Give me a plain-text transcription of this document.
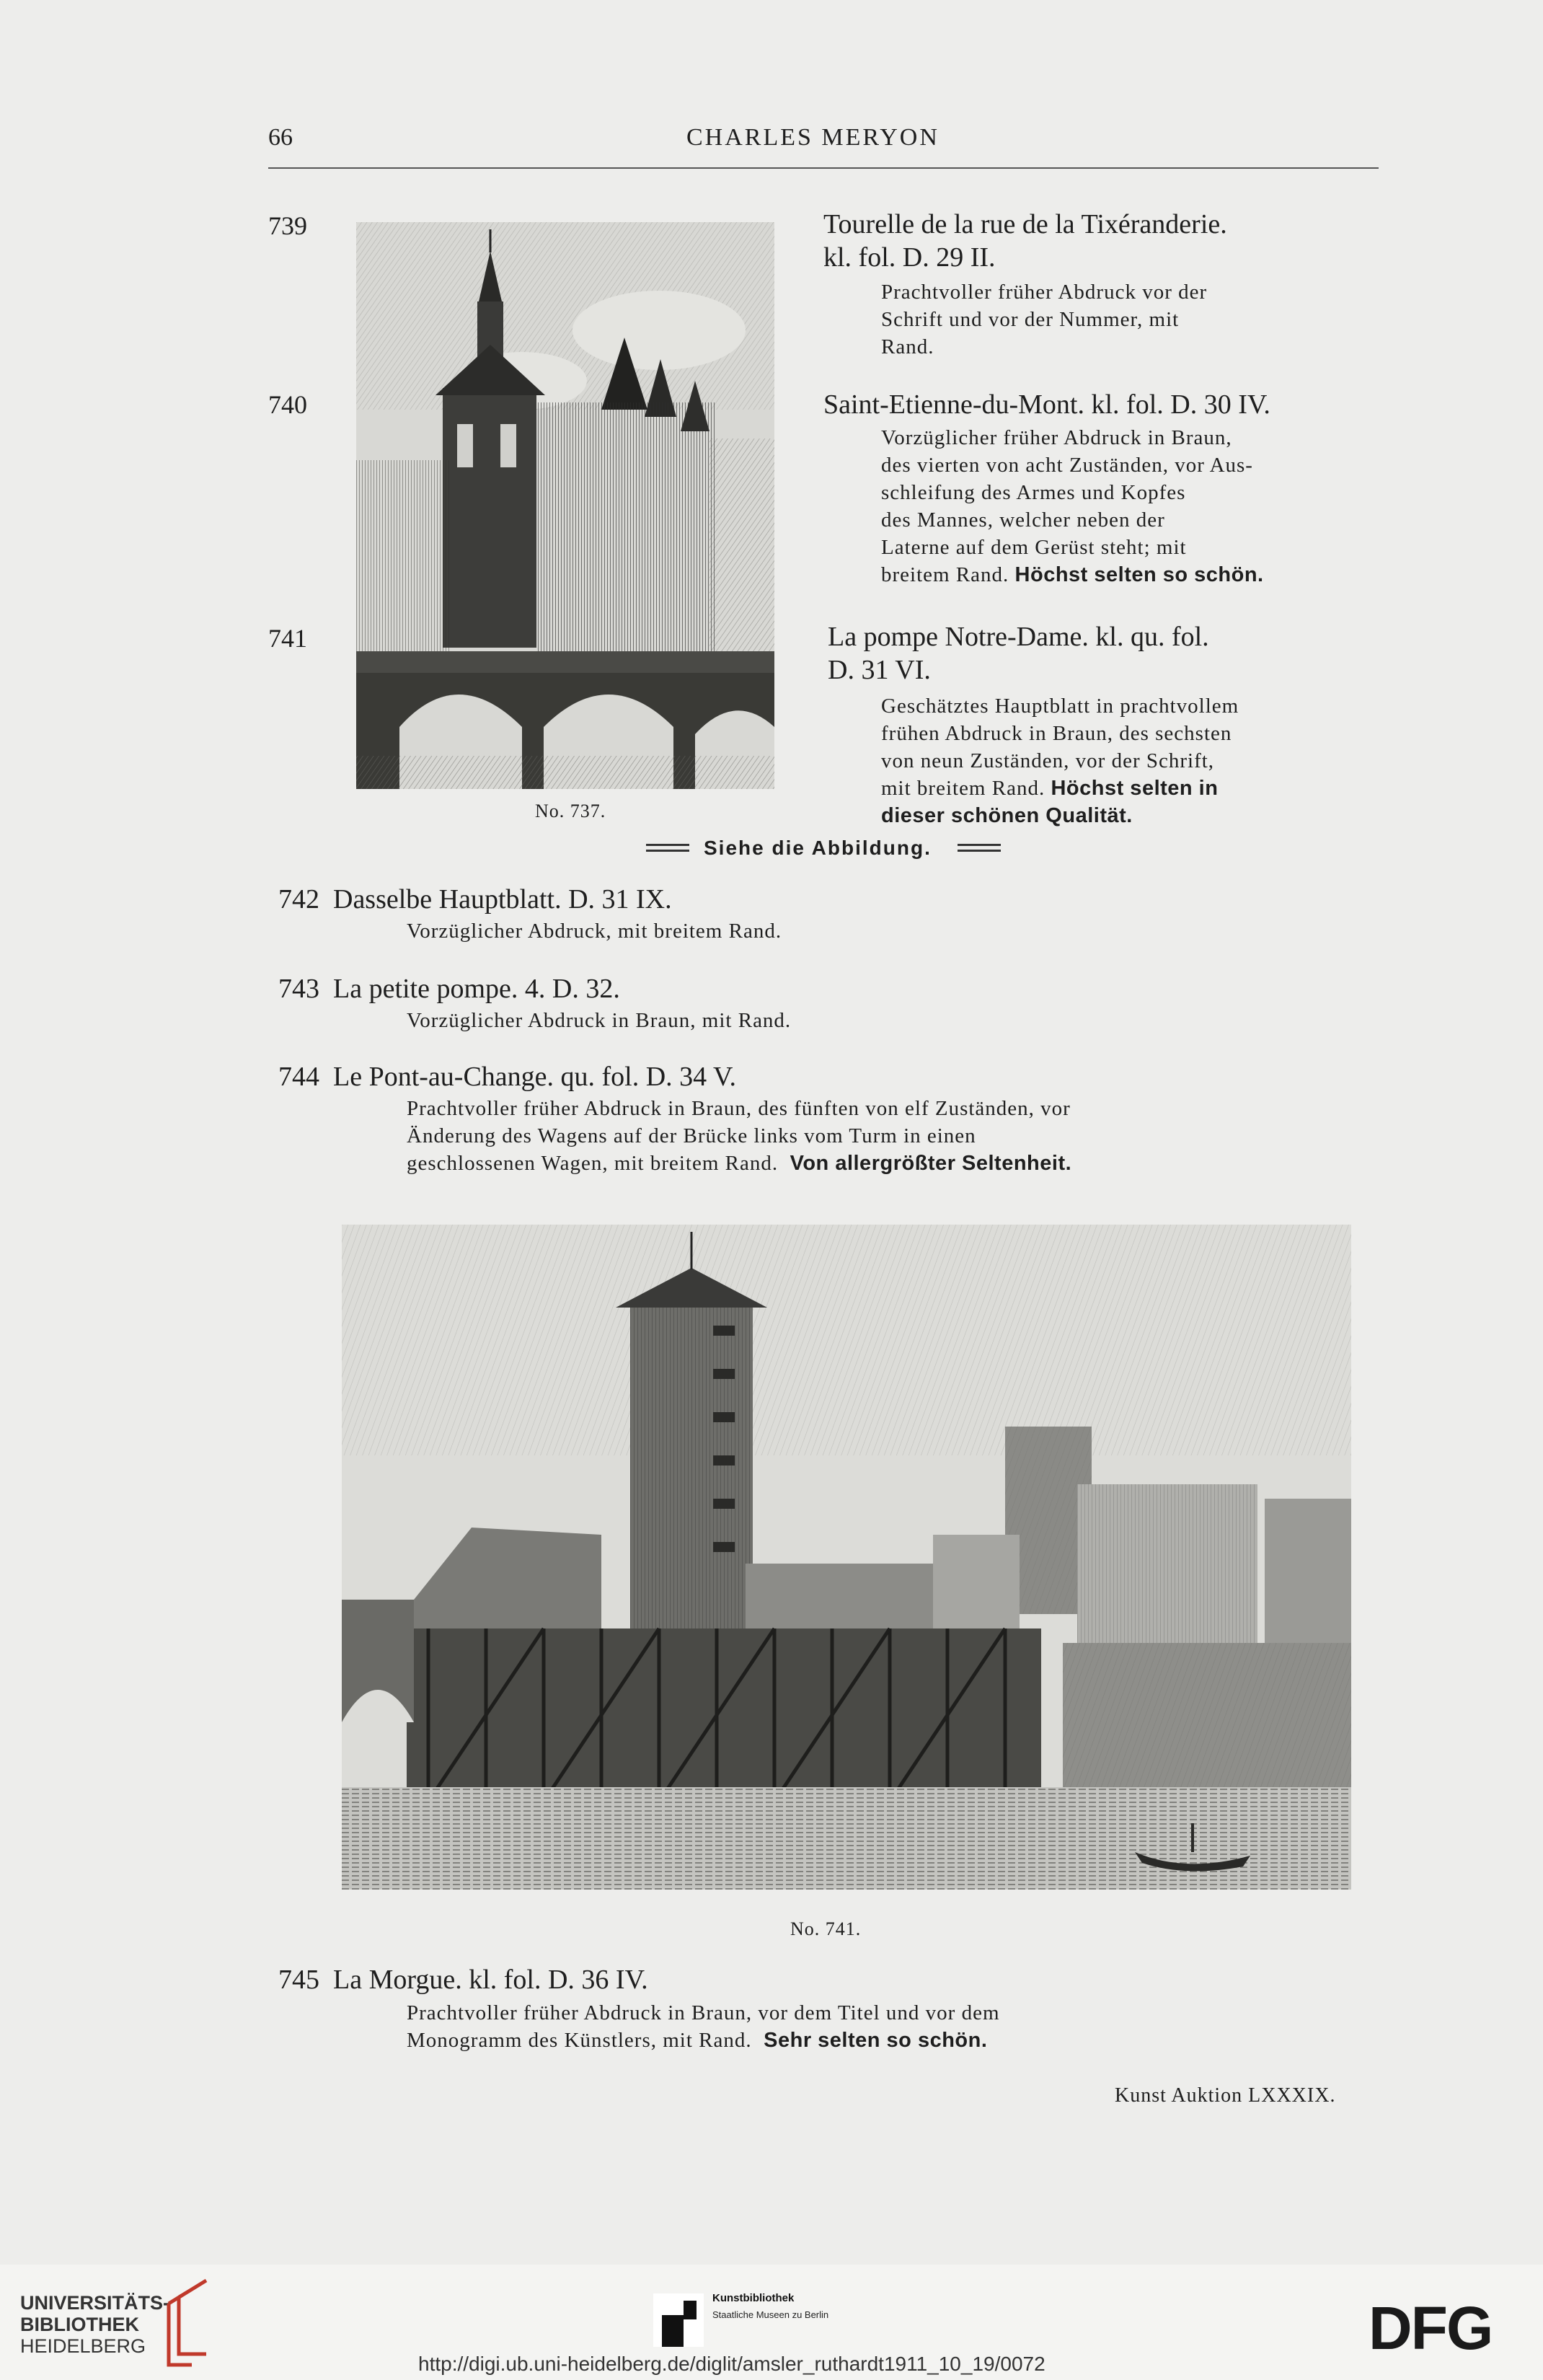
66	CHARLES MERYON
No. 737.
739
740
741
Tourelle de la rue de la Tixéranderie.
kl. fol. D. 29 II.
Prachtvoller früher Abdruck vor der
Schrift und vor der Nummer, mit
Rand.
Saint-Etienne-du-Mont. kl. fol. D. 30 IV.
Vorzüglicher früher Abdruck in Braun,
des vierten von acht Zuständen, vor Aus-
schleifung des Armes und Kopfes
des Mannes, welcher neben der
Laterne auf dem Gerüst steht; mit
breitem Rand. Höchst selten so schön.
La pompe Notre-Dame. kl. qu. fol.
D. 31 VI.
Geschätztes Hauptblatt in prachtvollem
frühen Abdruck in Braun, des sechsten
von neun Zuständen, vor der Schrift,
mit breitem Rand. Höchst selten in
dieser schönen Qualität.
Siehe die Abbildung.
742 Dasselbe Hauptblatt. D. 31 IX.
Vorzüglicher Abdruck, mit breitem Rand.
743 La petite pompe. 4. D. 32.
Vorzüglicher Abdruck in Braun, mit Rand.
744 Le Pont-au-Change. qu. fol. D. 34 V.
Prachtvoller früher Abdruck in Braun, des fünften von elf Zuständen, vor
Änderung des Wagens auf der Brücke links vom Turm in einen
geschlossenen Wagen, mit breitem Rand. Von allergrößter Seltenheit.
No. 741.
745 La Morgue. kl. fol. D. 36 IV.
Prachtvoller früher Abdruck in Braun, vor dem Titel und vor dem
Monogramm des Künstlers, mit Rand. Sehr selten so schön.
Kunst Auktion LXXXIX.
UNIVERSITÄTS-
BIBLIOTHEK
HEIDELBERG
Kunstbibliothek
Staatliche Museen zu Berlin	DFG
http://digi.ub.uni-heidelberg.de/diglit/amsler_ruthardt1911_10_19/0072
